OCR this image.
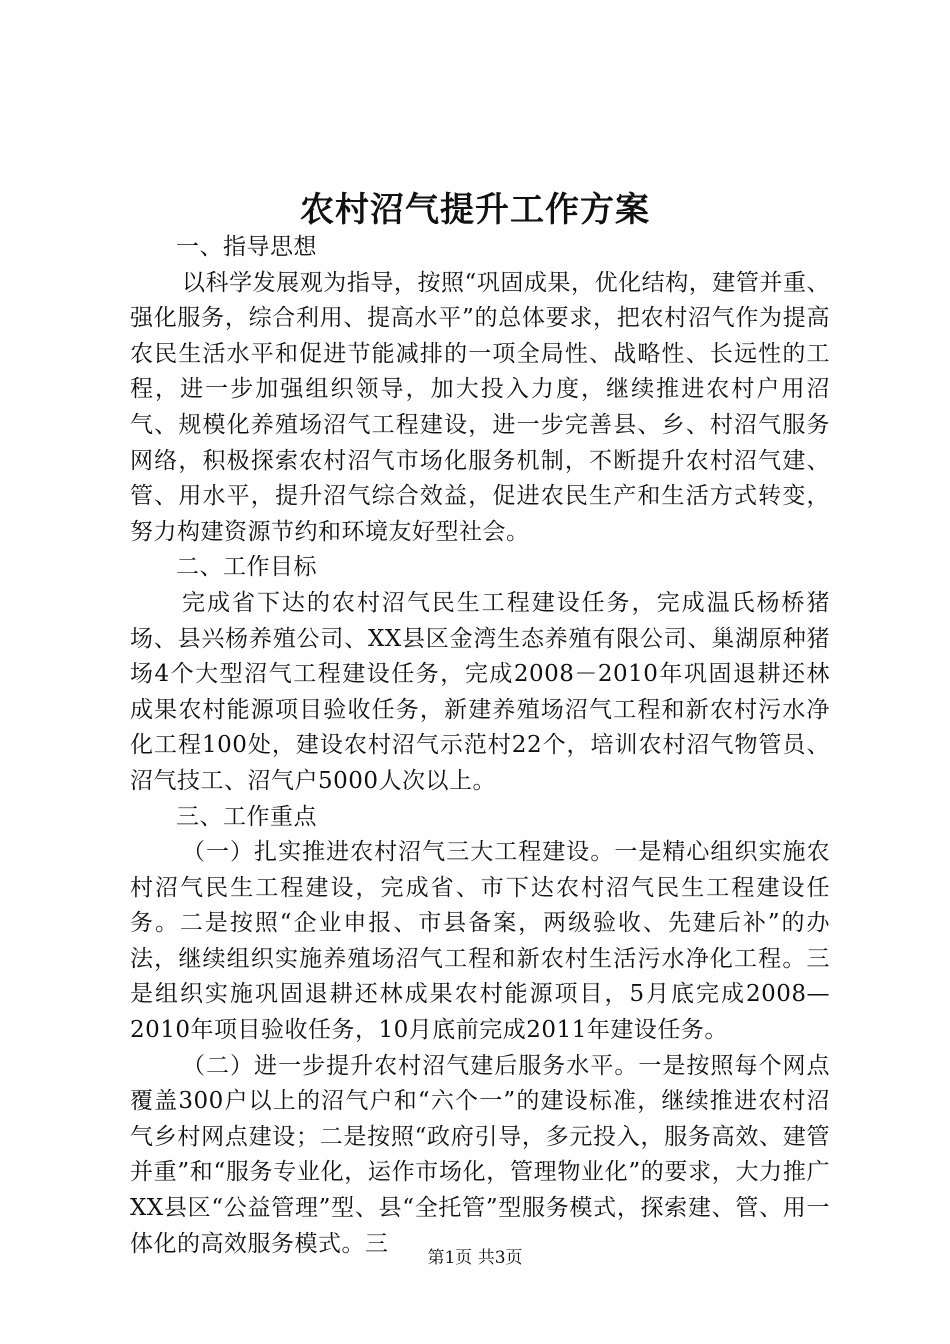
农村沼气提升工作方案

一、指导思想

以科学发展观为指导，按照“巩固成果，优化结构，建管并重、强化服务，综合利用、提高水平”的总体要求，把农村沼气作为提高农民生活水平和促进节能减排的一项全局性、战略性、长远性的工程，进一步加强组织领导，加大投入力度，继续推进农村户用沼气、规模化养殖场沼气工程建设，进一步完善县、乡、村沼气服务网络，积极探索农村沼气市场化服务机制，不断提升农村沼气建、管、用水平，提升沼气综合效益，促进农民生产和生活方式转变，努力构建资源节约和环境友好型社会。

二、工作目标

完成省下达的农村沼气民生工程建设任务，完成温氏杨桥猪场、县兴杨养殖公司、XX县区金湾生态养殖有限公司、巢湖原种猪场4个大型沼气工程建设任务，完成2008－2010年巩固退耕还林成果农村能源项目验收任务，新建养殖场沼气工程和新农村污水净化工程100处，建设农村沼气示范村22个，培训农村沼气物管员、沼气技工、沼气户5000人次以上。

三、工作重点

（一）扎实推进农村沼气三大工程建设。一是精心组织实施农村沼气民生工程建设，完成省、市下达农村沼气民生工程建设任务。二是按照“企业申报、市县备案，两级验收、先建后补”的办法，继续组织实施养殖场沼气工程和新农村生活污水净化工程。三是组织实施巩固退耕还林成果农村能源项目，5月底完成2008—2010年项目验收任务，10月底前完成2011年建设任务。

（二）进一步提升农村沼气建后服务水平。一是按照每个网点覆盖300户以上的沼气户和“六个一”的建设标准，继续推进农村沼气乡村网点建设；二是按照“政府引导，多元投入，服务高效、建管并重”和“服务专业化，运作市场化，管理物业化”的要求，大力推广XX县区“公益管理”型、县“全托管”型服务模式，探索建、管、用一体化的高效服务模式。三

第1页 共3页
